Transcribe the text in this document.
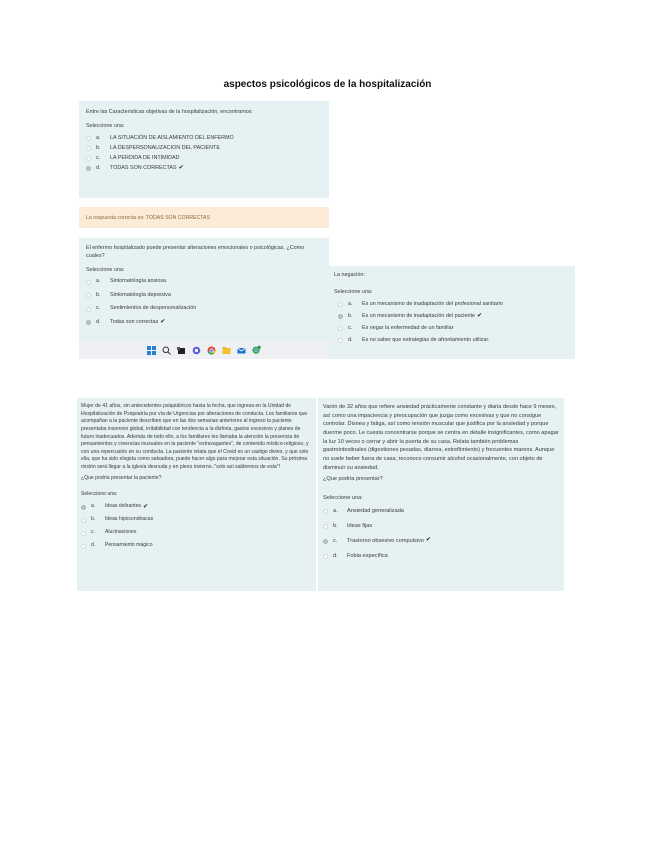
aspectos psicológicos de la hospitalización
Entre las Caracteristicas objetivas de la hospitalización, encontramos:
Seleccione una:
a.	LA SITUACIÓN DE AISLAMIENTO DEL ENFERMO
b.	LA DESPERSONALIZACION DEL PACIENTE
c.	LA PERDIDA DE INTIMIDAD
d.	TODAS SON CORRECTAS ✔
La respuesta correcta es: TODAS SON CORRECTAS
El enfermo hospitalizado puede presentar alteraciones emocionales o psicológicas. ¿Como cuales?
Seleccione una:
a.	Sintomatología ansiosa
b.	Sintomatología depresiva
c.	Sentimientos de despersonalización
d.	Todas son correctas ✔
La negación:
Seleccione una:
a.	Es un mecanismo de inadaptación del profesional sanitario
b.	Es un mecanismo de inadaptación del paciente ✔
c.	Es negar la enfermedad de un familiar
d.	Es no saber que estrategias de afrontamiento utilizar.
Mujer de 41 años, sin antecedentes psiquiátricos hasta la fecha, que ingresa en la Unidad de Hospitalización de Psiquiatría por vía de Urgencias por alteraciones de conducta. Los familiares que acompañan a la paciente describen que en las dos semanas anteriores al ingreso la paciente presentaba insomnio global, irritabilidad con tendencia a la disforia, gastos excesivos y planes de futuro inadecuados. Además de todo ello, a los familiares les llamaba la atención la presencia de pensamientos y creencias inusuales en la paciente "extravagantes", de contenido místico-religioso, y con una repercusión en su conducta. La paciente relata que el Covid es un castigo divino, y que solo ella, que ha sido elegida como salvadora, puede hacer algo para mejorar esta situación. Su próxima misión será llegar a la iglesia desnuda y en pleno invierno.."solo así saldremos de esta"!
¿Que podría presentar la paciente?
Seleccione una:
a.	Ideas delirantes ✔
b.	Ideas hipocondriacas
c.	Alucinaciones
d.	Pensamiento mágico
Varón de 32 años que refiere ansiedad prácticamente constante y diaria desde hace 9 meses, así como una impaciencia y preocupación que juzga como excesivas y que no consigue controlar. Disnea y fatiga, así como tensión muscular que justifica por la ansiedad y porque duerme poco. Le cuesta concentrarse porque se centra en detalle insignificantes, como apagar la luz 10 veces o cerrar y abrir la puerta de su casa. Relata también problemas gastrointestinales (digestiones pesadas, diarrea, estreñimiento) y frecuentes mareos. Aunque no suele beber fuera de casa, reconoce consumir alcohol ocasionalmente, con objeto de disminuir su ansiedad.
¿Que podría presentar?
Seleccione una:
a.	Ansiedad generalizada
b.	Ideas fijas
c.	Trastorno obsesivo compulsivo ✔
d.	Fobia específica
